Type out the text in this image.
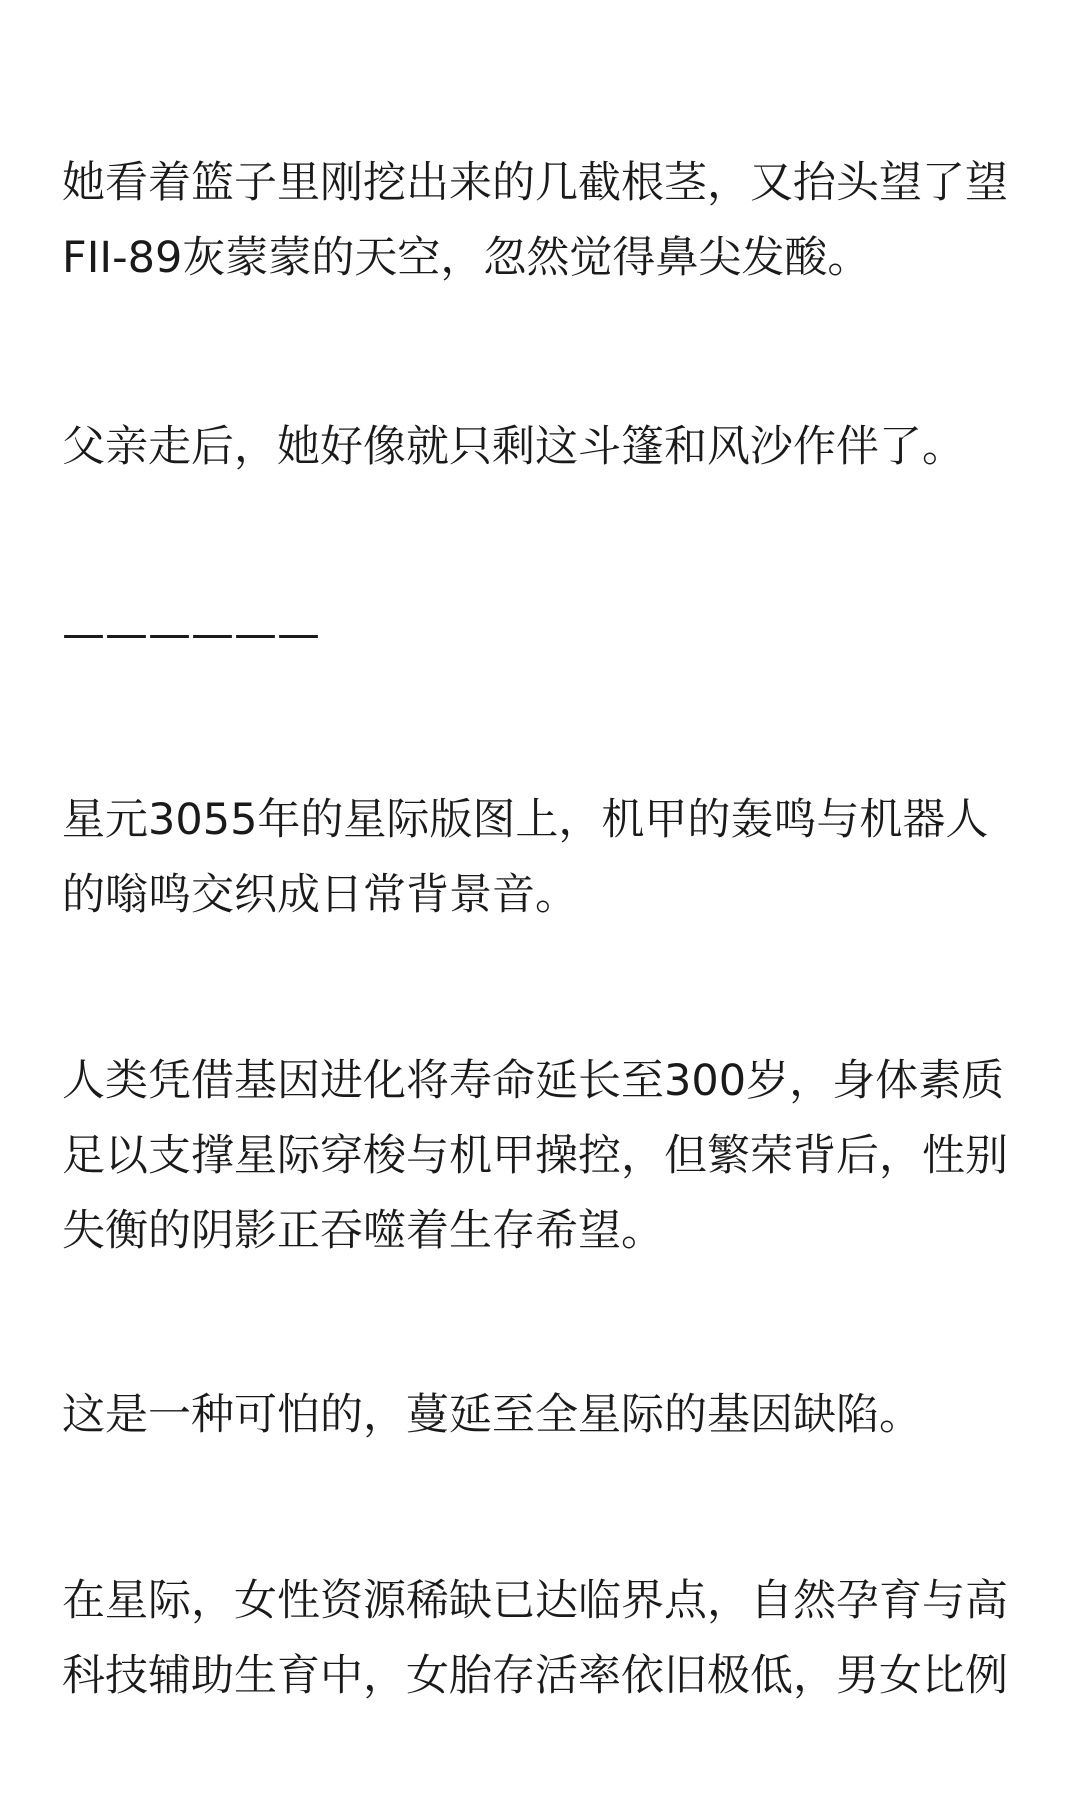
她看着篮子里刚挖出来的几截根茎，又抬头望了望
FII-89灰蒙蒙的天空，忽然觉得鼻尖发酸。

父亲走后，她好像就只剩这斗篷和风沙作伴了。

——————

星元3055年的星际版图上，机甲的轰鸣与机器人
的嗡鸣交织成日常背景音。

人类凭借基因进化将寿命延长至300岁，身体素质
足以支撑星际穿梭与机甲操控，但繁荣背后，性别
失衡的阴影正吞噬着生存希望。

这是一种可怕的，蔓延至全星际的基因缺陷。

在星际，女性资源稀缺已达临界点，自然孕育与高
科技辅助生育中，女胎存活率依旧极低，男女比例
